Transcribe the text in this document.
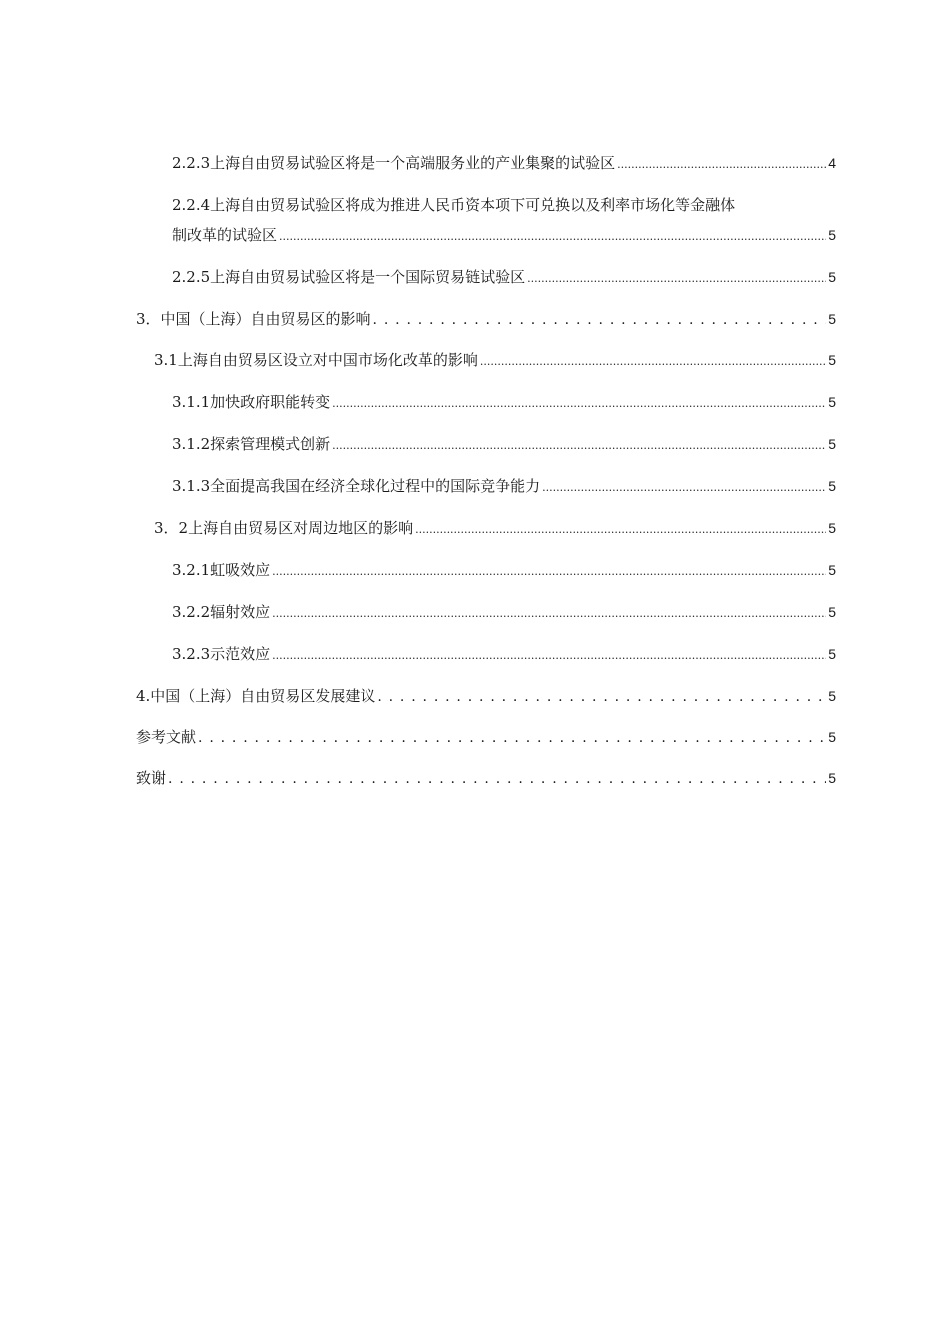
2.2.3上海自由贸易试验区将是一个高端服务业的产业集聚的试验区 .....	4
2.2.4上海自由贸易试验区将成为推进人民币资本项下可兑换以及利率市场化等金融体
制改革的试验区 .....	5
2.2.5上海自由贸易试验区将是一个国际贸易链试验区 .....	5
3．中国（上海）自由贸易区的影响 . . .	5
3.1上海自由贸易区设立对中国市场化改革的影响 .....	5
3.1.1加快政府职能转变 .....	5
3.1.2探索管理模式创新 .....	5
3.1.3全面提高我国在经济全球化过程中的国际竞争能力 .....	5
3．2上海自由贸易区对周边地区的影响 .....	5
3.2.1虹吸效应 .....	5
3.2.2辐射效应 .....	5
3.2.3示范效应 .....	5
4.中国（上海）自由贸易区发展建议 . . .	5
参考文献 . . .	5
致谢 . . .	5
